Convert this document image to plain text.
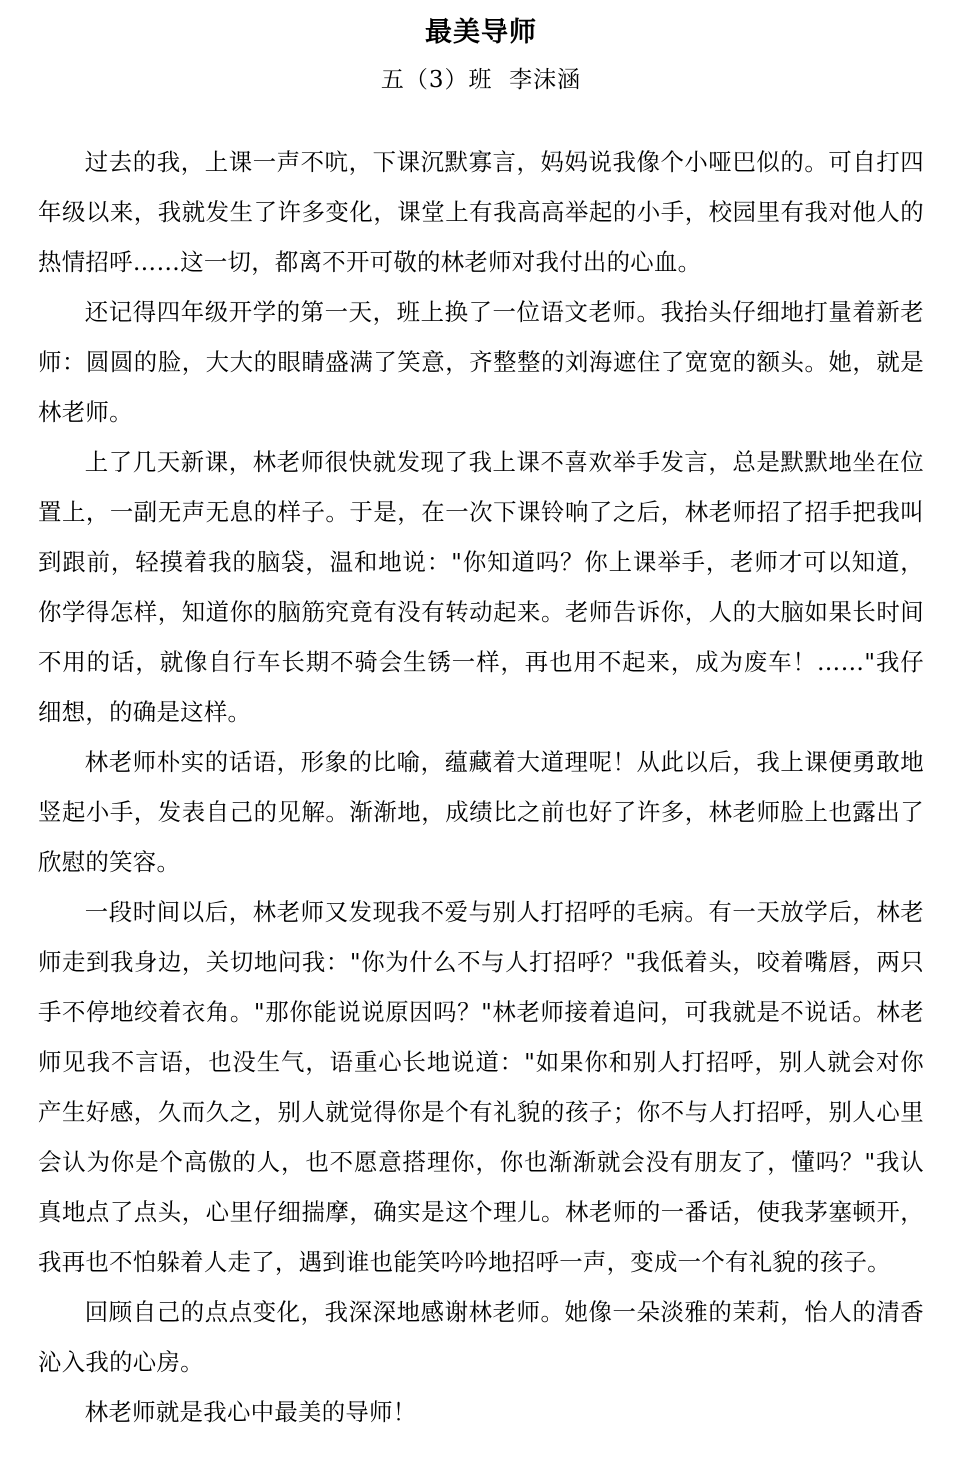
最美导师
五（3）班  李沫涵

过去的我，上课一声不吭，下课沉默寡言，妈妈说我像个小哑巴似的。可自打四年级以来，我就发生了许多变化，课堂上有我高高举起的小手，校园里有我对他人的热情招呼……这一切，都离不开可敬的林老师对我付出的心血。

还记得四年级开学的第一天，班上换了一位语文老师。我抬头仔细地打量着新老师：圆圆的脸，大大的眼睛盛满了笑意，齐整整的刘海遮住了宽宽的额头。她，就是林老师。

上了几天新课，林老师很快就发现了我上课不喜欢举手发言，总是默默地坐在位置上，一副无声无息的样子。于是，在一次下课铃响了之后，林老师招了招手把我叫到跟前，轻摸着我的脑袋，温和地说："你知道吗？你上课举手，老师才可以知道，你学得怎样，知道你的脑筋究竟有没有转动起来。老师告诉你，人的大脑如果长时间不用的话，就像自行车长期不骑会生锈一样，再也用不起来，成为废车！……"我仔细想，的确是这样。

林老师朴实的话语，形象的比喻，蕴藏着大道理呢！从此以后，我上课便勇敢地竖起小手，发表自己的见解。渐渐地，成绩比之前也好了许多，林老师脸上也露出了欣慰的笑容。

一段时间以后，林老师又发现我不爱与别人打招呼的毛病。有一天放学后，林老师走到我身边，关切地问我："你为什么不与人打招呼？"我低着头，咬着嘴唇，两只手不停地绞着衣角。"那你能说说原因吗？"林老师接着追问，可我就是不说话。林老师见我不言语，也没生气，语重心长地说道："如果你和别人打招呼，别人就会对你产生好感，久而久之，别人就觉得你是个有礼貌的孩子；你不与人打招呼，别人心里会认为你是个高傲的人，也不愿意搭理你，你也渐渐就会没有朋友了，懂吗？"我认真地点了点头，心里仔细揣摩，确实是这个理儿。林老师的一番话，使我茅塞顿开，我再也不怕躲着人走了，遇到谁也能笑吟吟地招呼一声，变成一个有礼貌的孩子。

回顾自己的点点变化，我深深地感谢林老师。她像一朵淡雅的茉莉，怡人的清香沁入我的心房。

林老师就是我心中最美的导师！
